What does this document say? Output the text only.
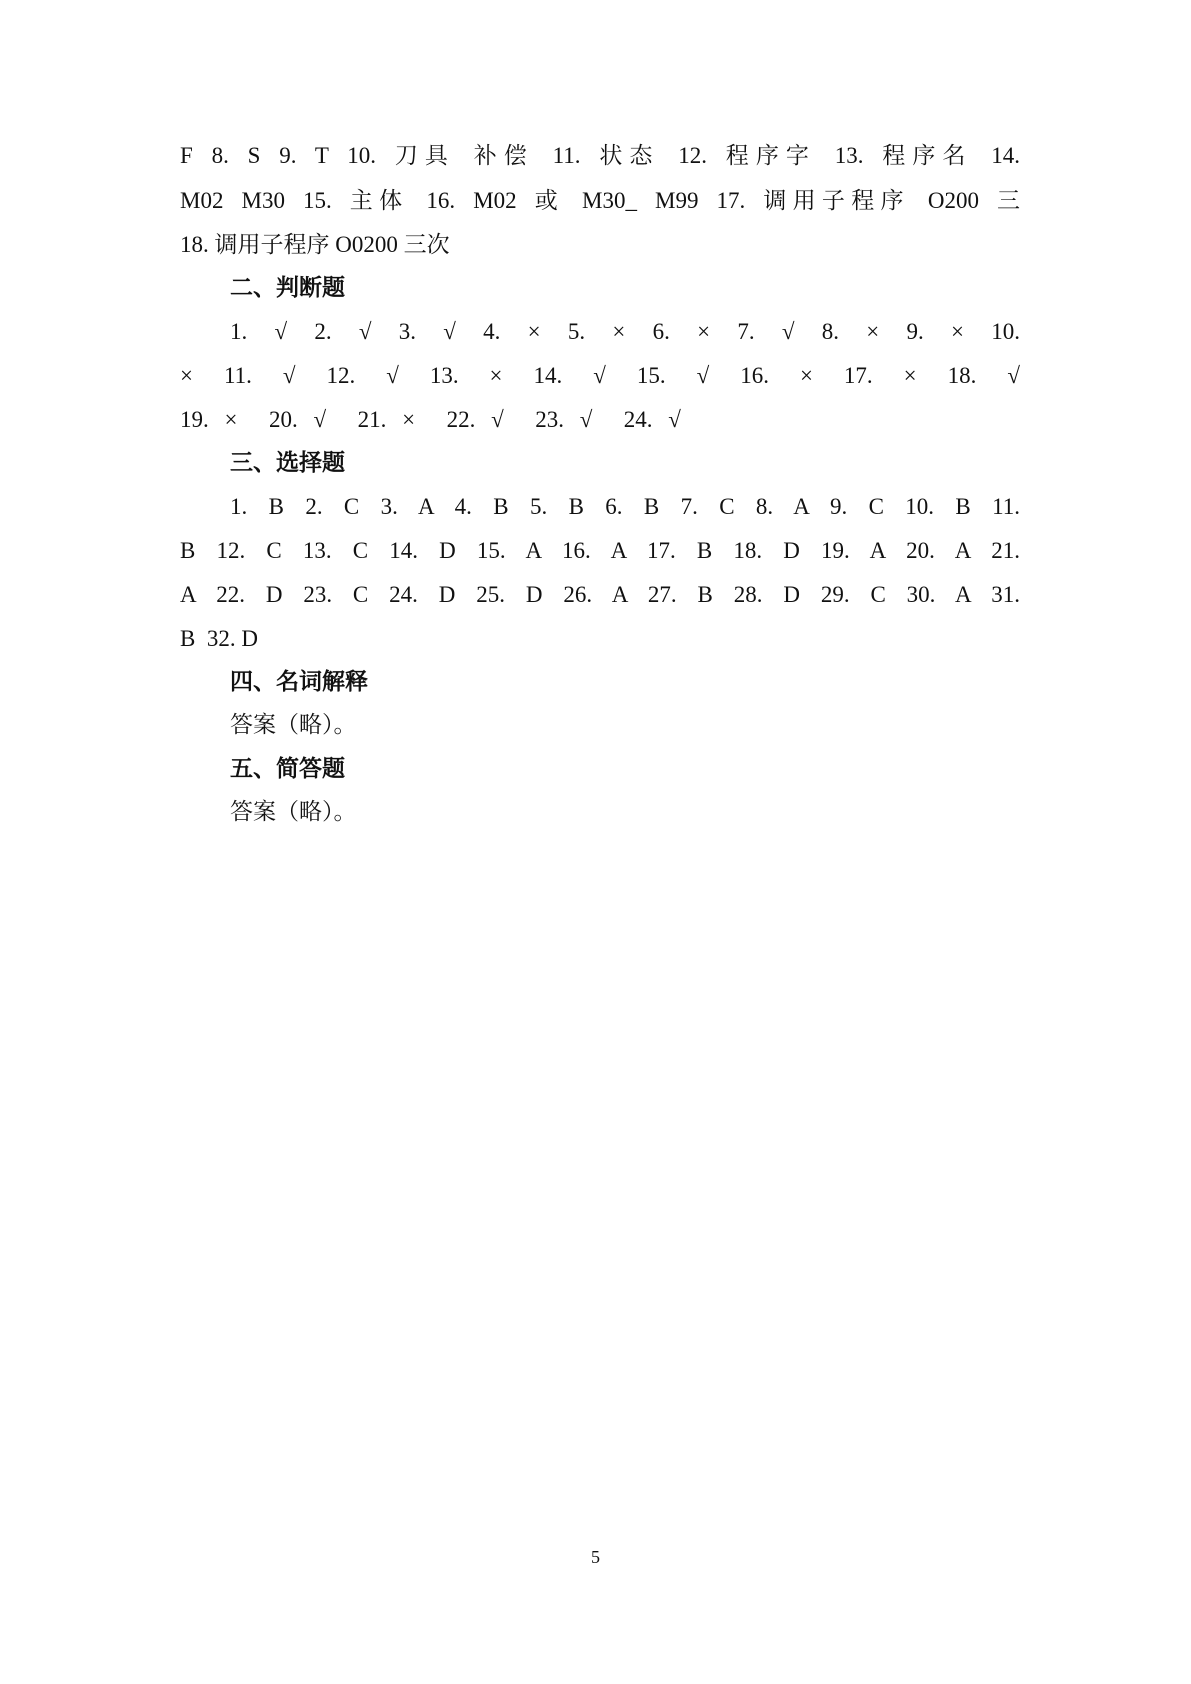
F 8. S 9. T 10. 刀具 补偿 11. 状态 12. 程序字 13. 程序名 14.
M02 M30 15. 主体 16. M02 或 M30_ M99 17. 调用子程序 O200 三
18. 调用子程序 O0200 三次
二、判断题
1. √ 2. √ 3. √ 4. × 5. × 6. × 7. √ 8. × 9. × 10.
× 11. √ 12. √ 13. × 14. √ 15. √ 16. × 17. × 18. √
19. ×  20. √  21. ×  22. √  23. √  24. √
三、选择题
1. B 2. C 3. A 4. B 5. B 6. B 7. C 8. A 9. C 10. B 11.
B 12. C 13. C 14. D 15. A 16. A 17. B 18. D 19. A 20. A 21.
A 22. D 23. C 24. D 25. D 26. A 27. B 28. D 29. C 30. A 31.
B  32. D
四、名词解释
答案（略）。
五、简答题
答案（略）。
5
